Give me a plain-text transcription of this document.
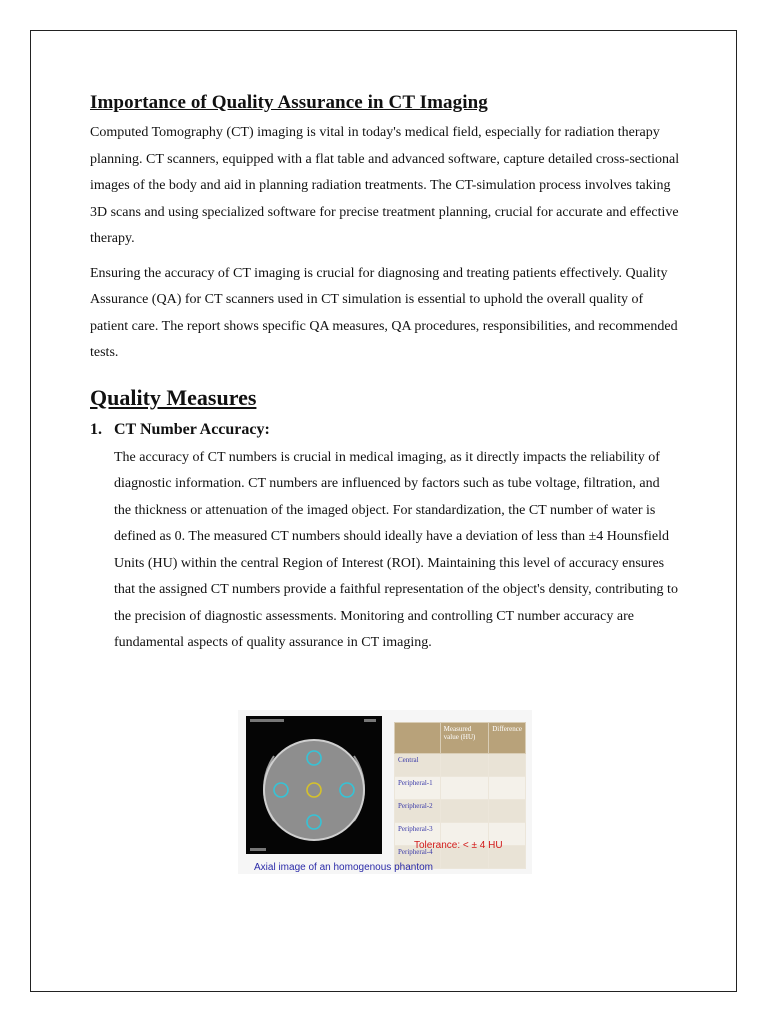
Importance of Quality Assurance in CT Imaging

Computed Tomography (CT) imaging is vital in today's medical field, especially for radiation therapy planning. CT scanners, equipped with a flat table and advanced software, capture detailed cross-sectional images of the body and aid in planning radiation treatments. The CT-simulation process involves taking 3D scans and using specialized software for precise treatment planning, crucial for accurate and effective therapy.

Ensuring the accuracy of CT imaging is crucial for diagnosing and treating patients effectively. Quality Assurance (QA) for CT scanners used in CT simulation is essential to uphold the overall quality of patient care. The report shows specific QA measures, QA procedures, responsibilities, and recommended tests.

Quality Measures
1. CT Number Accuracy:

The accuracy of CT numbers is crucial in medical imaging, as it directly impacts the reliability of diagnostic information. CT numbers are influenced by factors such as tube voltage, filtration, and the thickness or attenuation of the imaged object. For standardization, the CT number of water is defined as 0. The measured CT numbers should ideally have a deviation of less than ±4 Hounsfield Units (HU) within the central Region of Interest (ROI). Maintaining this level of accuracy ensures that the assigned CT numbers provide a faithful representation of the object's density, contributing to the precision of diagnostic assessments. Monitoring and controlling CT number accuracy are fundamental aspects of quality assurance in CT imaging.

	Measured value (HU)	Difference
Central		
Peripheral-1		
Peripheral-2		
Peripheral-3		
Peripheral-4		
Tolerance: < ± 4 HU
Axial image of an homogenous phantom
